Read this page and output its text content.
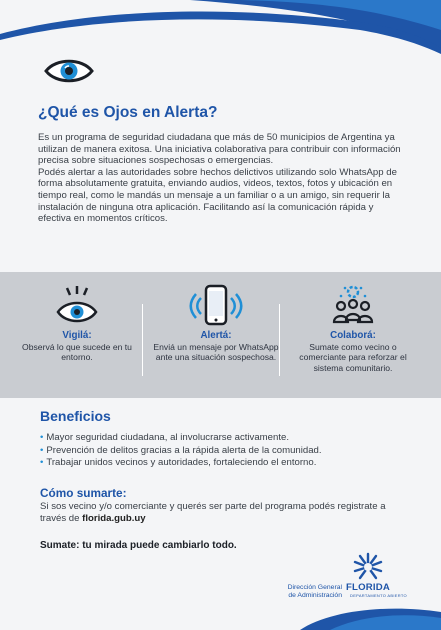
¿Qué es Ojos en Alerta?

Es un programa de seguridad ciudadana que más de 50 municipios de Argentina ya utilizan de manera exitosa. Una iniciativa colaborativa para contribuir con información precisa sobre situaciones sospechosas o emergencias.

Podés alertar a las autoridades sobre hechos delictivos utilizando solo WhatsApp de forma absolutamente gratuita, enviando audios, videos, textos, fotos y ubicación en tiempo real, como le mandás un mensaje a un familiar o a un amigo, sin requerir la instalación de ninguna otra aplicación. Facilitando así la comunicación rápida y efectiva en momentos críticos.

Vigilá:
Observá lo que sucede en tu entorno.
Alertá:
Enviá un mensaje por WhatsApp ante una situación sospechosa.
Colaborá:
Sumate como vecino o comerciante para reforzar el sistema comunitario.
Beneficios
• Mayor seguridad ciudadana, al involucrarse activamente.
• Prevención de delitos gracias a la rápida alerta de la comunidad.
• Trabajar unidos vecinos y autoridades, fortaleciendo el entorno.
Cómo sumarte:

Si sos vecino y/o comerciante y querés ser parte del programa podés registrate a través de florida.gub.uy

Sumate: tu mirada puede cambiarlo todo.

Dirección General
de Administración
FLORIDA
DEPARTAMENTO ABIERTO
